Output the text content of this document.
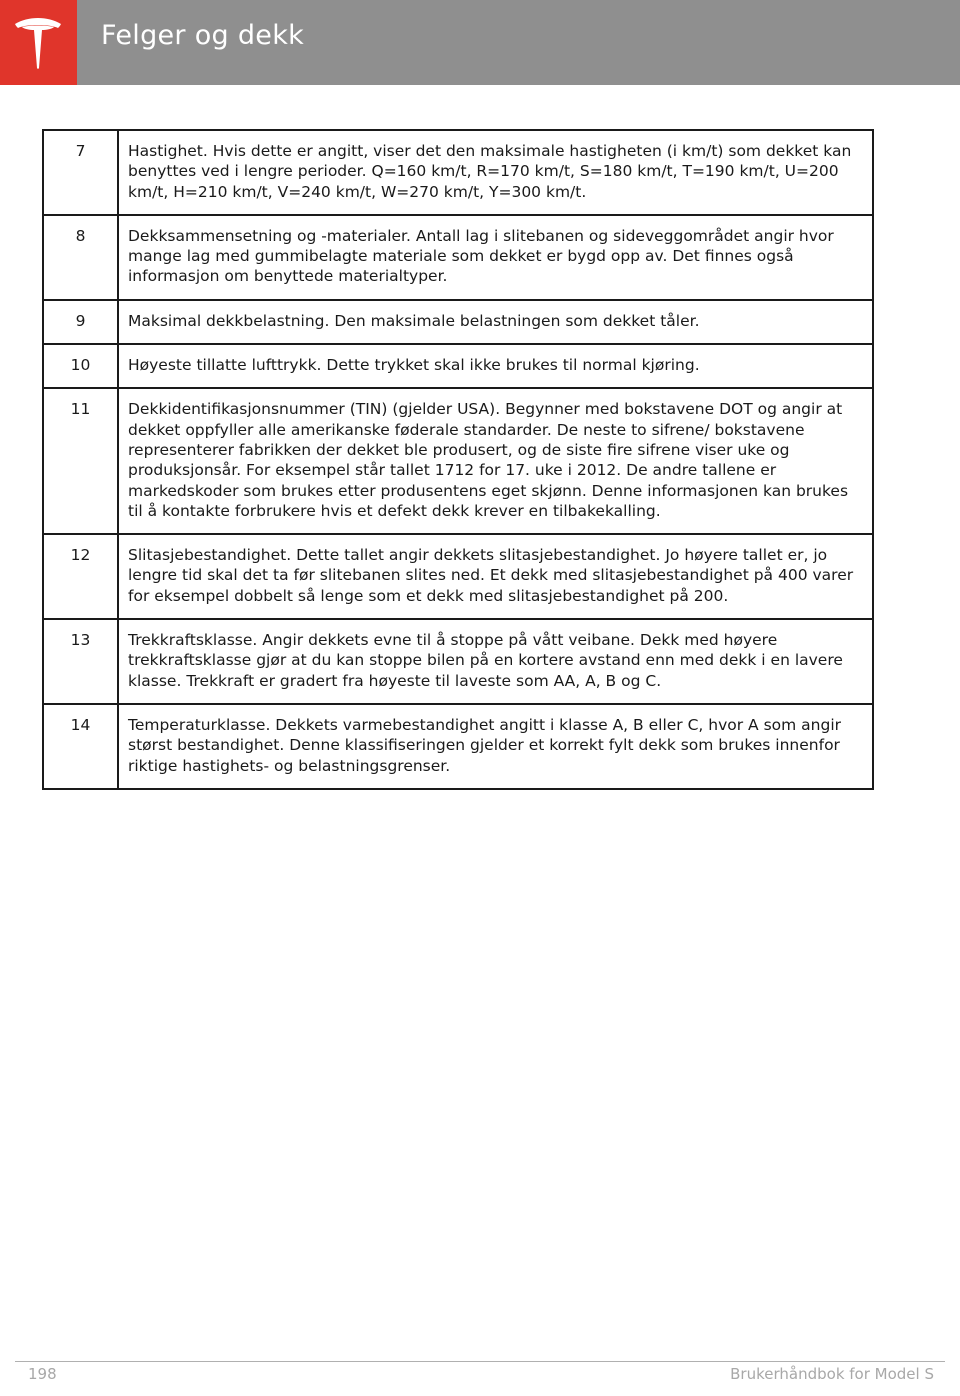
Felger og dekk
7	Hastighet. Hvis dette er angitt, viser det den maksimale hastigheten (i km/t) som dekket kan benyttes ved i lengre perioder. Q=160 km/t, R=170 km/t, S=180 km/t, T=190 km/t, U=200 km/t, H=210 km/t, V=240 km/t, W=270 km/t, Y=300 km/t.
8	Dekksammensetning og -materialer. Antall lag i slitebanen og sideveggområdet angir hvor mange lag med gummibelagte materiale som dekket er bygd opp av. Det finnes også informasjon om benyttede materialtyper.
9	Maksimal dekkbelastning. Den maksimale belastningen som dekket tåler.
10	Høyeste tillatte lufttrykk. Dette trykket skal ikke brukes til normal kjøring.
11	Dekkidentifikasjonsnummer (TIN) (gjelder USA). Begynner med bokstavene DOT og angir at dekket oppfyller alle amerikanske føderale standarder. De neste to sifrene/ bokstavene representerer fabrikken der dekket ble produsert, og de siste fire sifrene viser uke og produksjonsår. For eksempel står tallet 1712 for 17. uke i 2012. De andre tallene er markedskoder som brukes etter produsentens eget skjønn. Denne informasjonen kan brukes til å kontakte forbrukere hvis et defekt dekk krever en tilbakekalling.
12	Slitasjebestandighet. Dette tallet angir dekkets slitasjebestandighet. Jo høyere tallet er, jo lengre tid skal det ta før slitebanen slites ned. Et dekk med slitasjebestandighet på 400 varer for eksempel dobbelt så lenge som et dekk med slitasjebestandighet på 200.
13	Trekkraftsklasse. Angir dekkets evne til å stoppe på vått veibane. Dekk med høyere trekkraftsklasse gjør at du kan stoppe bilen på en kortere avstand enn med dekk i en lavere klasse. Trekkraft er gradert fra høyeste til laveste som AA, A, B og C.
14	Temperaturklasse. Dekkets varmebestandighet angitt i klasse A, B eller C, hvor A som angir størst bestandighet. Denne klassifiseringen gjelder et korrekt fylt dekk som brukes innenfor riktige hastighets- og belastningsgrenser.
198	Brukerhåndbok for Model S
